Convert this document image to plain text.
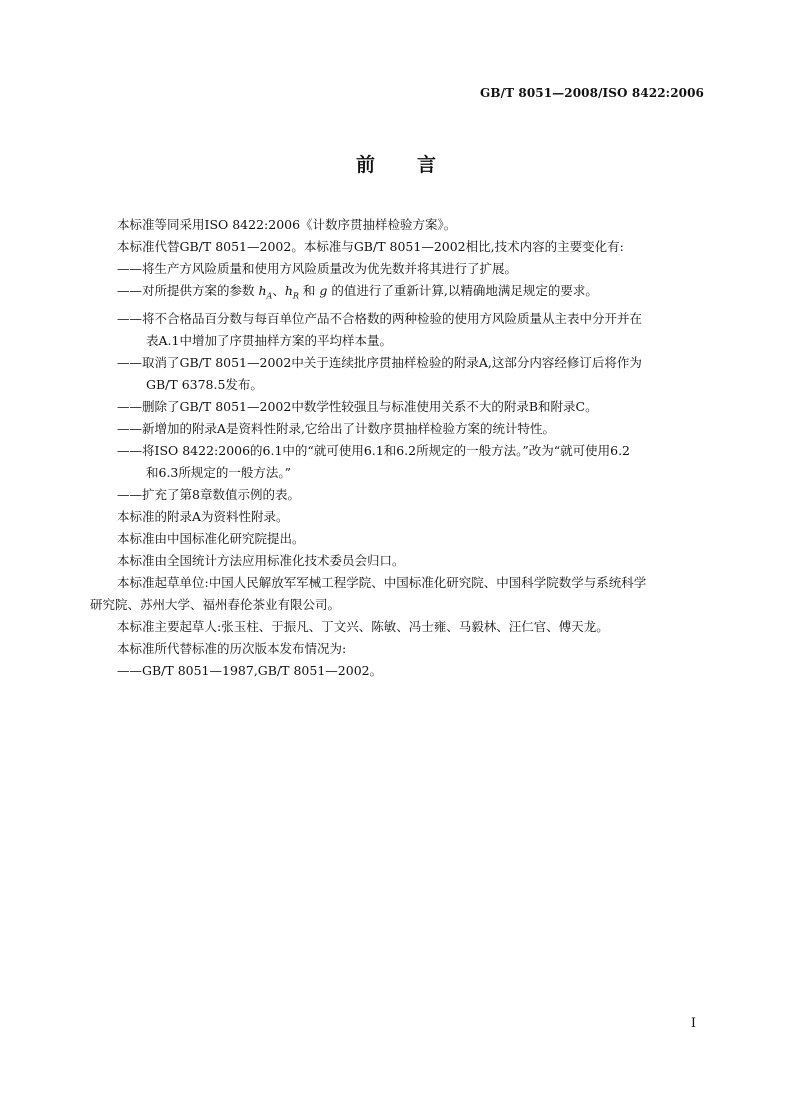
GB/T 8051—2008/ISO 8422:2006
前 言

本标准等同采用ISO 8422:2006《计数序贯抽样检验方案》。

本标准代替GB/T 8051—2002。本标准与GB/T 8051—2002相比,技术内容的主要变化有:

——将生产方风险质量和使用方风险质量改为优先数并将其进行了扩展。

——对所提供方案的参数 $h_A$、$h_R$ 和 g 的值进行了重新计算,以精确地满足规定的要求。

——将不合格品百分数与每百单位产品不合格数的两种检验的使用方风险质量从主表中分开并在

表A.1中增加了序贯抽样方案的平均样本量。

——取消了GB/T 8051—2002中关于连续批序贯抽样检验的附录A,这部分内容经修订后将作为

GB/T 6378.5发布。

——删除了GB/T 8051—2002中数学性较强且与标准使用关系不大的附录B和附录C。

——新增加的附录A是资料性附录,它给出了计数序贯抽样检验方案的统计特性。

——将ISO 8422:2006的6.1中的“就可使用6.1和6.2所规定的一般方法。”改为“就可使用6.2

和6.3所规定的一般方法。”

——扩充了第8章数值示例的表。

本标准的附录A为资料性附录。

本标准由中国标准化研究院提出。

本标准由全国统计方法应用标准化技术委员会归口。

本标准起草单位:中国人民解放军军械工程学院、中国标准化研究院、中国科学院数学与系统科学

研究院、苏州大学、福州春伦茶业有限公司。

本标准主要起草人:张玉柱、于振凡、丁文兴、陈敏、冯士雍、马毅林、汪仁官、傅天龙。

本标准所代替标准的历次版本发布情况为:

——GB/T 8051—1987,GB/T 8051—2002。

I
